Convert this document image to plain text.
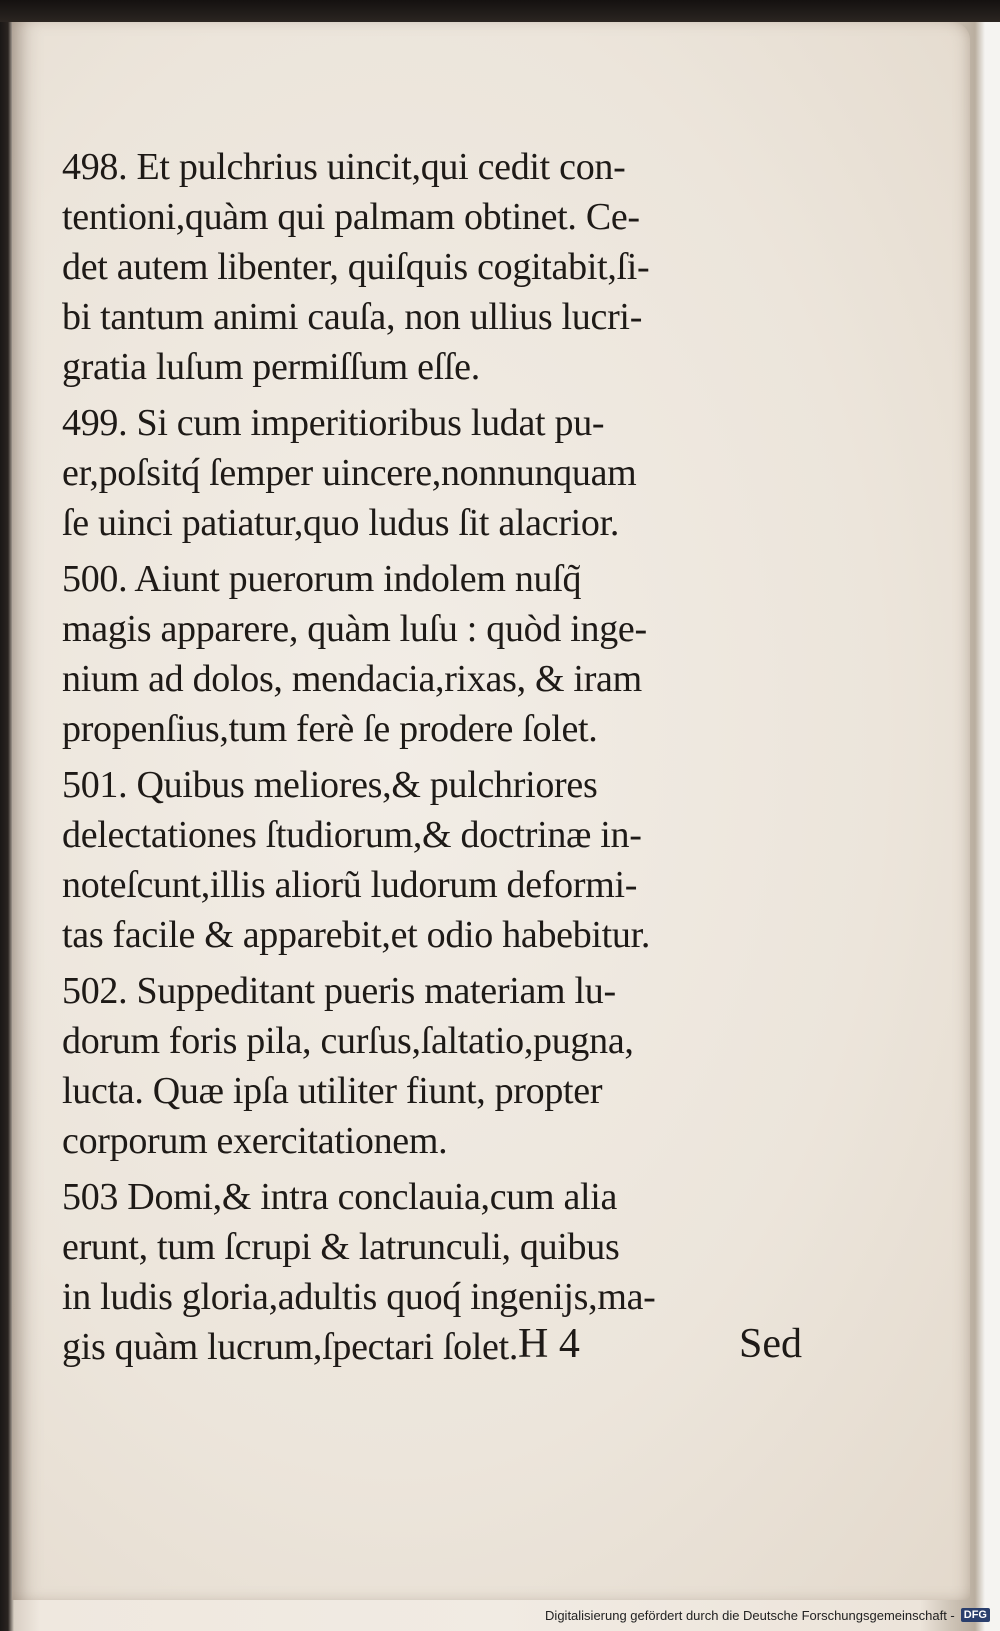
498. Et pulchrius uincit,qui cedit con-
tentioni,quàm qui palmam obtinet. Ce-
det autem libenter, quiſquis cogitabit,ſi-
bi tantum animi cauſa, non ullius lucri-
gratia luſum permiſſum eſſe.
499. Si cum imperitioribus ludat pu-
er,poſsitq́ ſemper uincere,nonnunquam
ſe uinci patiatur,quo ludus ſit alacrior.
500. Aiunt puerorum indolem nuſq̃
magis apparere, quàm luſu : quòd inge-
nium ad dolos, mendacia,rixas, & iram
propenſius,tum ferè ſe prodere ſolet.
501. Quibus meliores,& pulchriores
delectationes ſtudiorum,& doctrinæ in-
noteſcunt,illis aliorũ ludorum deformi-
tas facile & apparebit,et odio habebitur.
502. Suppeditant pueris materiam lu-
dorum foris pila, curſus,ſaltatio,pugna,
lucta. Quæ ipſa utiliter fiunt, propter
corporum exercitationem.
503 Domi,& intra conclauia,cum alia
erunt, tum ſcrupi & latrunculi, quibus
in ludis gloria,adultis quoq́ ingenijs,ma-
gis quàm lucrum,ſpectari ſolet. H 4	Sed
Digitalisierung gefördert durch die Deutsche Forschungsgemeinschaft - DFG
